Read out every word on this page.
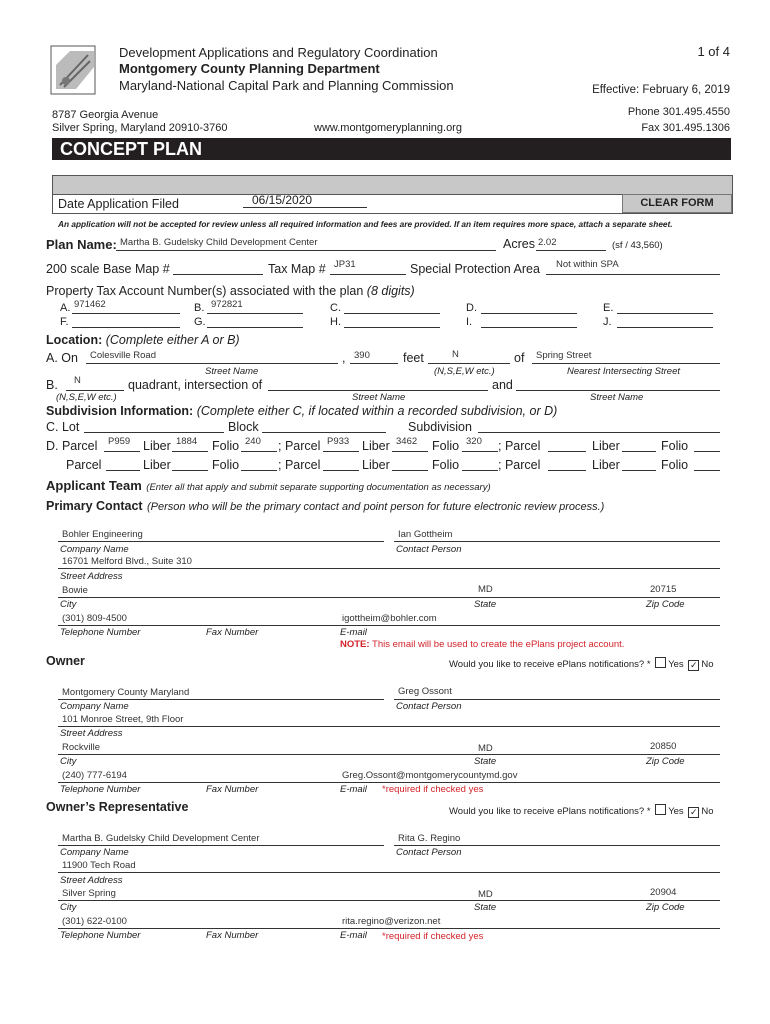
Development Applications and Regulatory Coordination
Montgomery County Planning Department
Maryland-National Capital Park and Planning Commission
1 of 4
Effective: February 6, 2019
8787 Georgia Avenue
Silver Spring, Maryland 20910-3760	www.montgomeryplanning.org
Phone 301.495.4550
Fax 301.495.1306
CONCEPT PLAN
Date Application Filed	06/15/2020	CLEAR FORM
An application will not be accepted for review unless all required information and fees are provided. If an item requires more space, attach a separate sheet.
Plan Name: Martha B. Gudelsky Child Development Center	Acres 2.02	(sf / 43,560)
200 scale Base Map #	Tax Map # JP31	Special Protection Area Not within SPA
Property Tax Account Number(s) associated with the plan (8 digits)
A. 971462	B. 972821	C.	D.	E.
F.	G.	H.	I.	J.
Location: (Complete either A or B)
A. On Colesville Road	, 390	feet	N	of Spring Street
Street Name	(N,S,E,W etc.)	Nearest Intersecting Street
B. N	quadrant, intersection of	and
(N,S,E,W etc.)	Street Name	Street Name
Subdivision Information: (Complete either C, if located within a recorded subdivision, or D)
C. Lot	Block	Subdivision
D. Parcel P959 Liber 1884 Folio 240 ; Parcel P933 Liber 3462 Folio 320 ; Parcel	Liber	Folio
Parcel	Liber	Folio	; Parcel	Liber	Folio	; Parcel	Liber	Folio
Applicant Team (Enter all that apply and submit separate supporting documentation as necessary)
Primary Contact (Person who will be the primary contact and point person for future electronic review process.)
Bohler Engineering	Ian Gottheim
Company Name	Contact Person
16701 Melford Blvd., Suite 310
Street Address
Bowie	MD	20715
City	State	Zip Code
(301) 809-4500	igottheim@bohler.com
Telephone Number	Fax Number	E-mail
NOTE: This email will be used to create the ePlans project account.
Owner	Would you like to receive ePlans notifications? * Yes ✓ No
Montgomery County Maryland	Greg Ossont
Company Name	Contact Person
101 Monroe Street, 9th Floor
Street Address
Rockville	MD	20850
City	State	Zip Code
(240) 777-6194	Greg.Ossont@montgomerycountymd.gov
Telephone Number	Fax Number	E-mail *required if checked yes
Owner’s Representative	Would you like to receive ePlans notifications? * Yes ✓ No
Martha B. Gudelsky Child Development Center	Rita G. Regino
Company Name	Contact Person
11900 Tech Road
Street Address
Silver Spring	MD	20904
City	State	Zip Code
(301) 622-0100	rita.regino@verizon.net
Telephone Number	Fax Number	E-mail *required if checked yes
